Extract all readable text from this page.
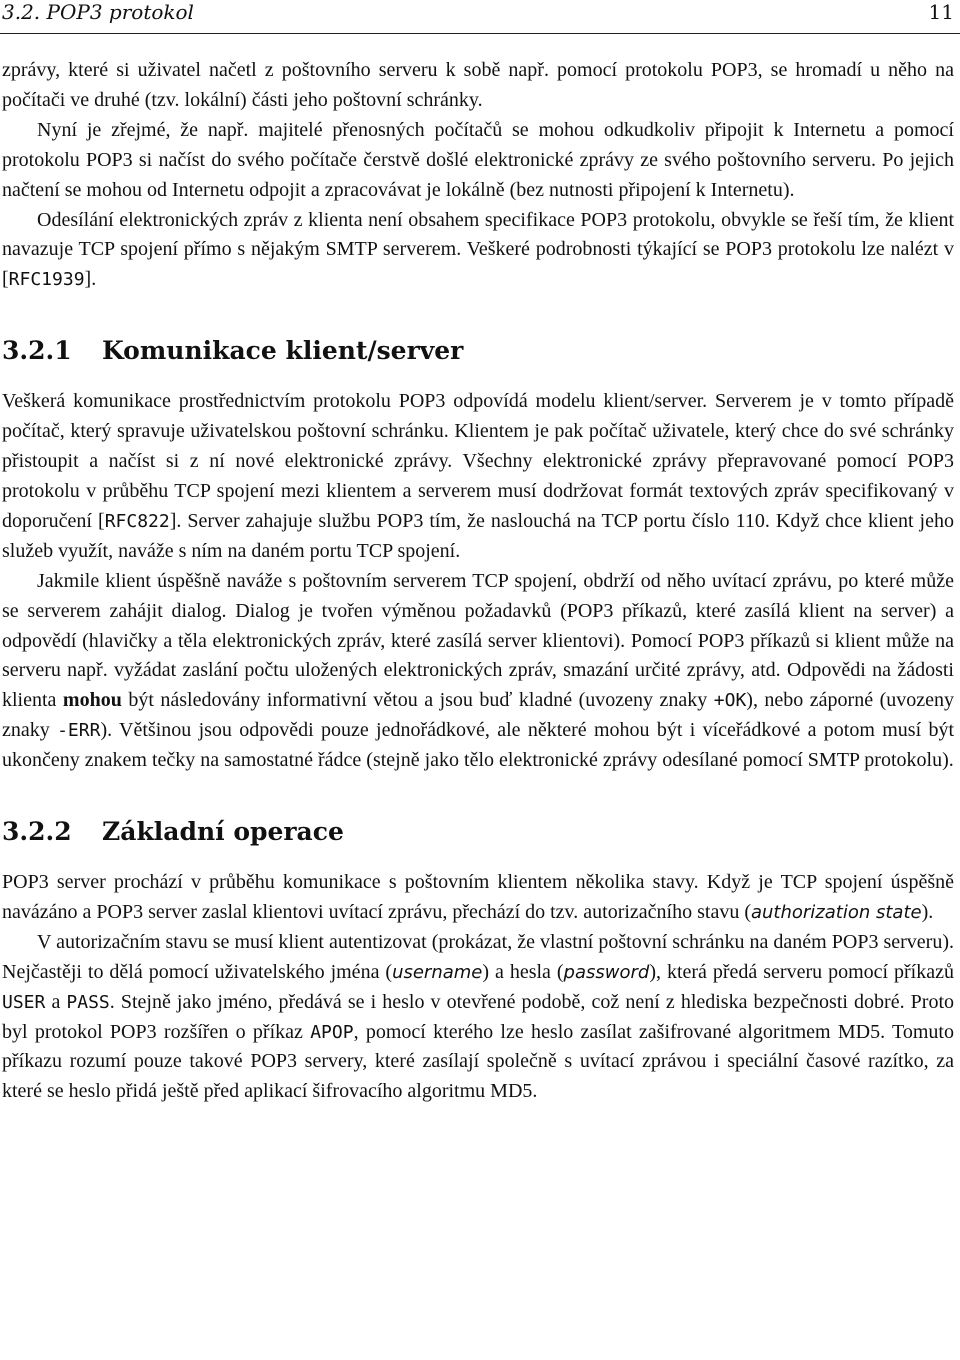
3.2. POP3 protokol	11

zprávy, které si uživatel načetl z poštovního serveru k sobě např. pomocí protokolu POP3, se hromadí u něho na počítači ve druhé (tzv. lokální) části jeho poštovní schránky.

Nyní je zřejmé, že např. majitelé přenosných počítačů se mohou odkudkoliv připojit k Internetu a pomocí protokolu POP3 si načíst do svého počítače čerstvě došlé elektronické zprávy ze svého poštovního serveru. Po jejich načtení se mohou od Internetu odpojit a zpracovávat je lokálně (bez nutnosti připojení k Internetu).

Odesílání elektronických zpráv z klienta není obsahem specifikace POP3 protokolu, obvykle se řeší tím, že klient navazuje TCP spojení přímo s nějakým SMTP serverem. Veškeré podrobnosti týkající se POP3 protokolu lze nalézt v [RFC1939].

3.2.1 Komunikace klient/server

Veškerá komunikace prostřednictvím protokolu POP3 odpovídá modelu klient/server. Serverem je v tomto případě počítač, který spravuje uživatelskou poštovní schránku. Klientem je pak počítač uživatele, který chce do své schránky přistoupit a načíst si z ní nové elektronické zprávy. Všechny elektronické zprávy přepravované pomocí POP3 protokolu v průběhu TCP spojení mezi klientem a serverem musí dodržovat formát textových zpráv specifikovaný v doporučení [RFC822]. Server zahajuje službu POP3 tím, že naslouchá na TCP portu číslo 110. Když chce klient jeho služeb využít, naváže s ním na daném portu TCP spojení.

Jakmile klient úspěšně naváže s poštovním serverem TCP spojení, obdrží od něho uvítací zprávu, po které může se serverem zahájit dialog. Dialog je tvořen výměnou požadavků (POP3 příkazů, které zasílá klient na server) a odpovědí (hlavičky a těla elektronických zpráv, které zasílá server klientovi). Pomocí POP3 příkazů si klient může na serveru např. vyžádat zaslání počtu uložených elektronických zpráv, smazání určité zprávy, atd. Odpovědi na žádosti klienta mohou být následovány informativní větou a jsou buď kladné (uvozeny znaky +OK), nebo záporné (uvozeny znaky -ERR). Většinou jsou odpovědi pouze jednořádkové, ale některé mohou být i víceřádkové a potom musí být ukončeny znakem tečky na samostatné řádce (stejně jako tělo elektronické zprávy odesílané pomocí SMTP protokolu).

3.2.2 Základní operace

POP3 server prochází v průběhu komunikace s poštovním klientem několika stavy. Když je TCP spojení úspěšně navázáno a POP3 server zaslal klientovi uvítací zprávu, přechází do tzv. autorizačního stavu (authorization state).

V autorizačním stavu se musí klient autentizovat (prokázat, že vlastní poštovní schránku na daném POP3 serveru). Nejčastěji to dělá pomocí uživatelského jména (username) a hesla (password), která předá serveru pomocí příkazů USER a PASS. Stejně jako jméno, předává se i heslo v otevřené podobě, což není z hlediska bezpečnosti dobré. Proto byl protokol POP3 rozšířen o příkaz APOP, pomocí kterého lze heslo zasílat zašifrované algoritmem MD5. Tomuto příkazu rozumí pouze takové POP3 servery, které zasílají společně s uvítací zprávou i speciální časové razítko, za které se heslo přidá ještě před aplikací šifrovacího algoritmu MD5.
